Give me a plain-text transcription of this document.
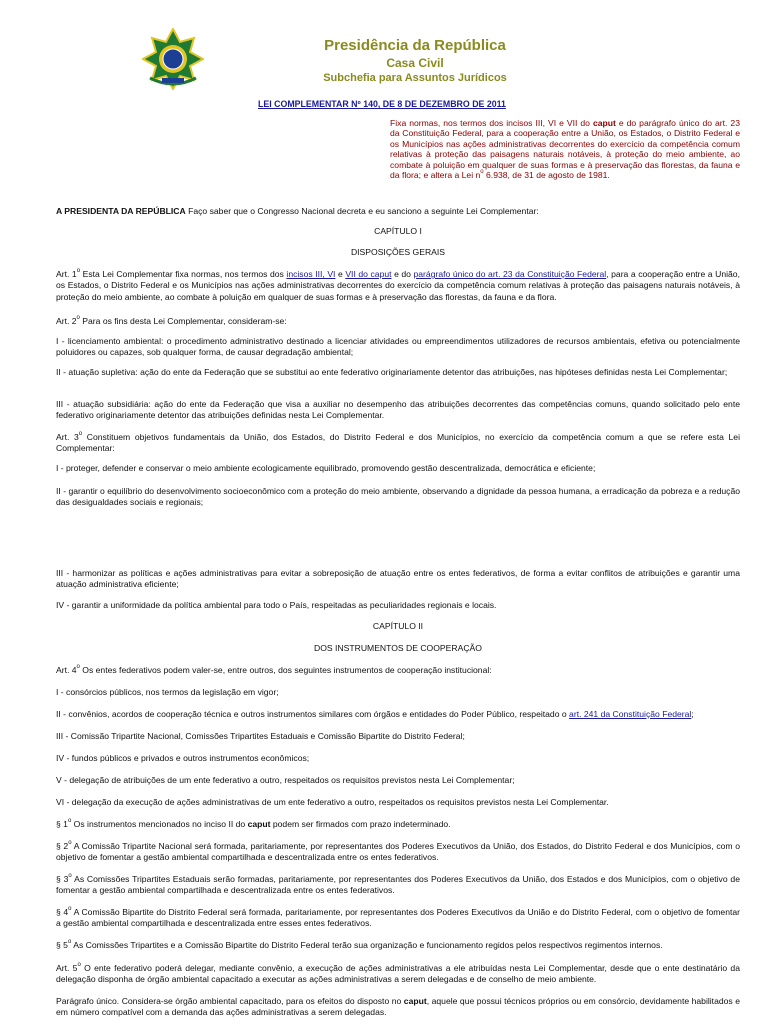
Presidência da República
Casa Civil
Subchefia para Assuntos Jurídicos
LEI COMPLEMENTAR Nº 140, DE 8 DE DEZEMBRO DE 2011
Fixa normas, nos termos dos incisos III, VI e VII do caput e do parágrafo único do art. 23 da Constituição Federal, para a cooperação entre a União, os Estados, o Distrito Federal e os Municípios nas ações administrativas decorrentes do exercício da competência comum relativas à proteção das paisagens naturais notáveis, à proteção do meio ambiente, ao combate à poluição em qualquer de suas formas e à preservação das florestas, da fauna e da flora; e altera a Lei $n^o$ 6.938, de 31 de agosto de 1981.
A PRESIDENTA DA REPÚBLICA Faço saber que o Congresso Nacional decreta e eu sanciono a seguinte Lei Complementar:
CAPÍTULO I
DISPOSIÇÕES GERAIS
Art. 1$^o$ Esta Lei Complementar fixa normas, nos termos dos incisos III, VI e VII do caput e do parágrafo único do art. 23 da Constituição Federal, para a cooperação entre a União, os Estados, o Distrito Federal e os Municípios nas ações administrativas decorrentes do exercício da competência comum relativas à proteção das paisagens naturais notáveis, à proteção do meio ambiente, ao combate à poluição em qualquer de suas formas e à preservação das florestas, da fauna e da flora.
Art. 2$^o$ Para os fins desta Lei Complementar, consideram-se:
I - licenciamento ambiental: o procedimento administrativo destinado a licenciar atividades ou empreendimentos utilizadores de recursos ambientais, efetiva ou potencialmente poluidores ou capazes, sob qualquer forma, de causar degradação ambiental;
II - atuação supletiva: ação do ente da Federação que se substitui ao ente federativo originariamente detentor das atribuições, nas hipóteses definidas nesta Lei Complementar;
III - atuação subsidiária: ação do ente da Federação que visa a auxiliar no desempenho das atribuições decorrentes das competências comuns, quando solicitado pelo ente federativo originariamente detentor das atribuições definidas nesta Lei Complementar.
Art. 3$^o$ Constituem objetivos fundamentais da União, dos Estados, do Distrito Federal e dos Municípios, no exercício da competência comum a que se refere esta Lei Complementar:
I - proteger, defender e conservar o meio ambiente ecologicamente equilibrado, promovendo gestão descentralizada, democrática e eficiente;
II - garantir o equilíbrio do desenvolvimento socioeconômico com a proteção do meio ambiente, observando a dignidade da pessoa humana, a erradicação da pobreza e a redução das desigualdades sociais e regionais;
III - harmonizar as políticas e ações administrativas para evitar a sobreposição de atuação entre os entes federativos, de forma a evitar conflitos de atribuições e garantir uma atuação administrativa eficiente;
IV - garantir a uniformidade da política ambiental para todo o País, respeitadas as peculiaridades regionais e locais.
CAPÍTULO II
DOS INSTRUMENTOS DE COOPERAÇÃO
Art. 4$^o$ Os entes federativos podem valer-se, entre outros, dos seguintes instrumentos de cooperação institucional:
I - consórcios públicos, nos termos da legislação em vigor;
II - convênios, acordos de cooperação técnica e outros instrumentos similares com órgãos e entidades do Poder Público, respeitado o art. 241 da Constituição Federal;
III - Comissão Tripartite Nacional, Comissões Tripartites Estaduais e Comissão Bipartite do Distrito Federal;
IV - fundos públicos e privados e outros instrumentos econômicos;
V - delegação de atribuições de um ente federativo a outro, respeitados os requisitos previstos nesta Lei Complementar;
VI - delegação da execução de ações administrativas de um ente federativo a outro, respeitados os requisitos previstos nesta Lei Complementar.
§ 1$^o$ Os instrumentos mencionados no inciso II do caput podem ser firmados com prazo indeterminado.
§ 2$^o$ A Comissão Tripartite Nacional será formada, paritariamente, por representantes dos Poderes Executivos da União, dos Estados, do Distrito Federal e dos Municípios, com o objetivo de fomentar a gestão ambiental compartilhada e descentralizada entre os entes federativos.
§ 3$^o$ As Comissões Tripartites Estaduais serão formadas, paritariamente, por representantes dos Poderes Executivos da União, dos Estados e dos Municípios, com o objetivo de fomentar a gestão ambiental compartilhada e descentralizada entre os entes federativos.
§ 4$^o$ A Comissão Bipartite do Distrito Federal será formada, paritariamente, por representantes dos Poderes Executivos da União e do Distrito Federal, com o objetivo de fomentar a gestão ambiental compartilhada e descentralizada entre esses entes federativos.
§ 5$^o$ As Comissões Tripartites e a Comissão Bipartite do Distrito Federal terão sua organização e funcionamento regidos pelos respectivos regimentos internos.
Art. 5$^o$ O ente federativo poderá delegar, mediante convênio, a execução de ações administrativas a ele atribuídas nesta Lei Complementar, desde que o ente destinatário da delegação disponha de órgão ambiental capacitado a executar as ações administrativas a serem delegadas e de conselho de meio ambiente.
Parágrafo único. Considera-se órgão ambiental capacitado, para os efeitos do disposto no caput, aquele que possui técnicos próprios ou em consórcio, devidamente habilitados e em número compatível com a demanda das ações administrativas a serem delegadas.
